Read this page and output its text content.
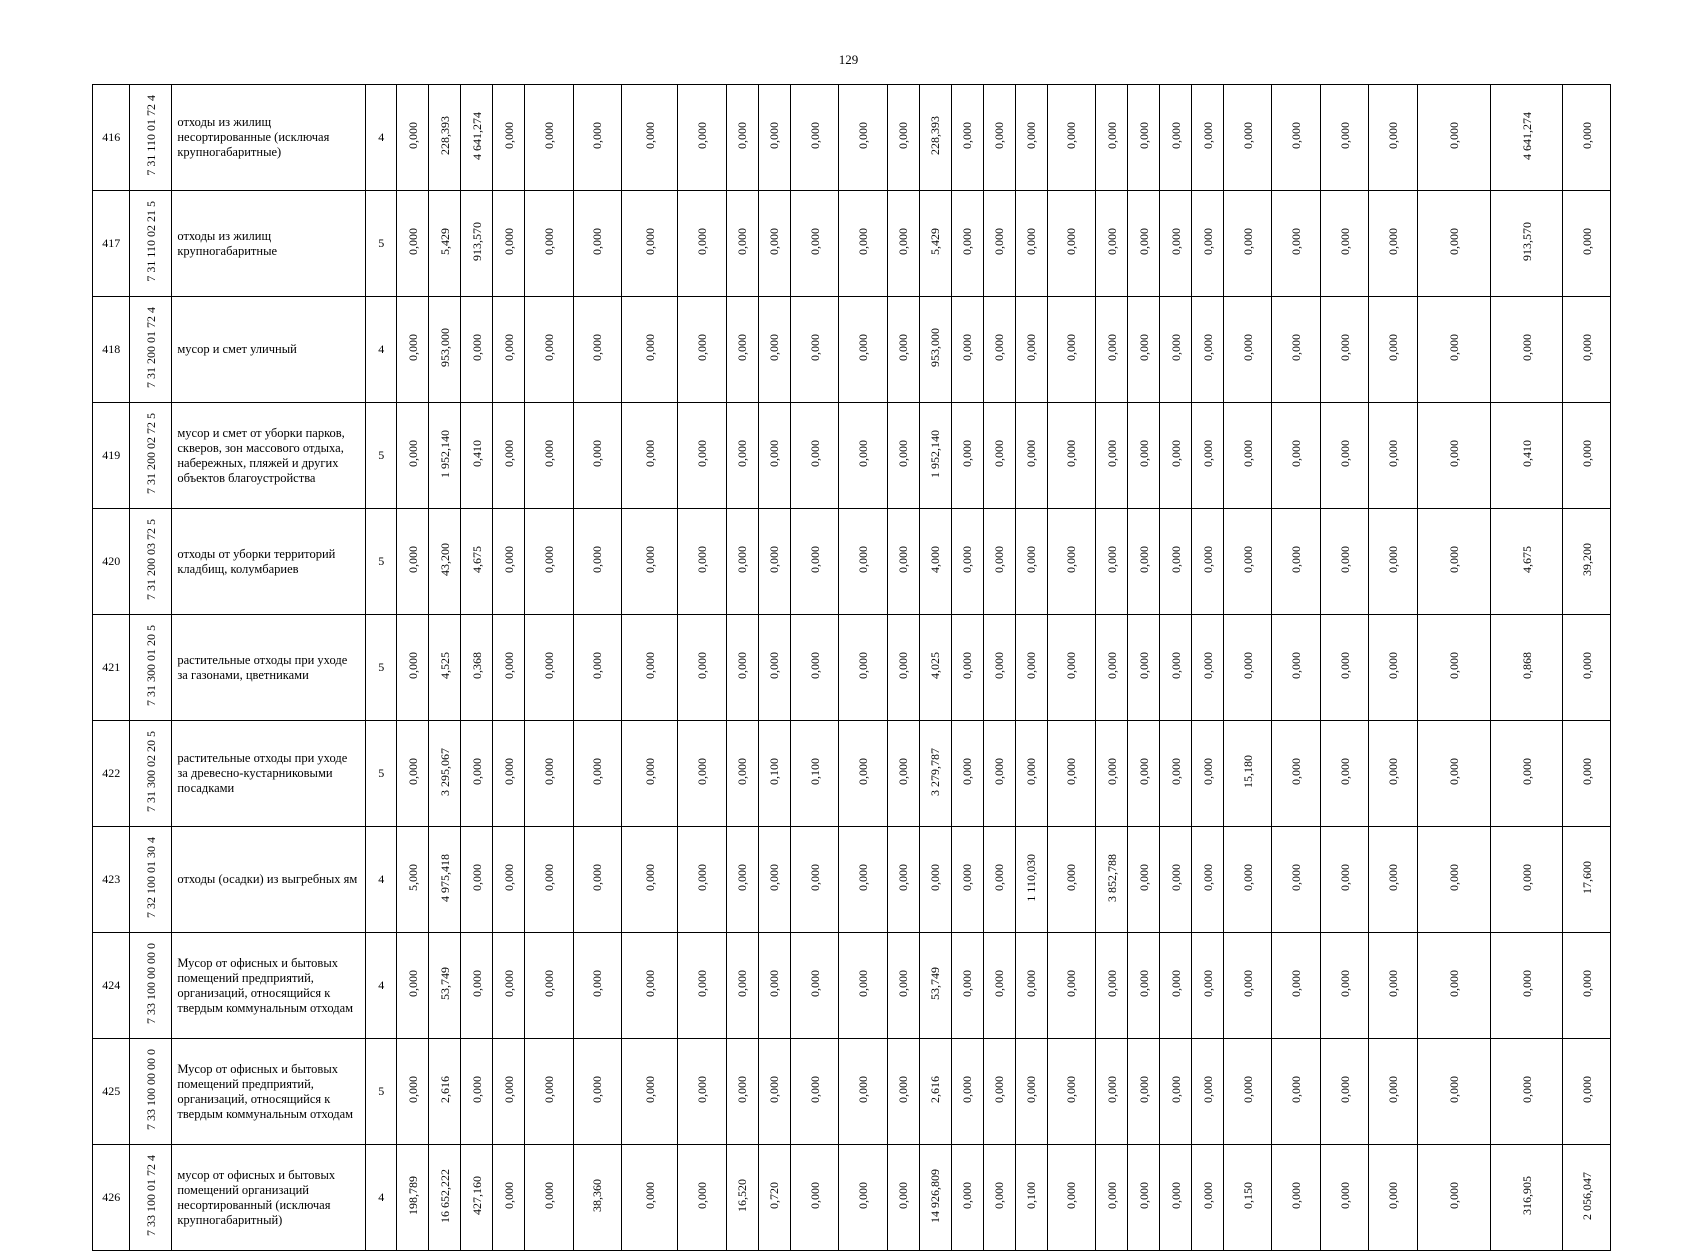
129
416	7 31 110 01 72 4	отходы из жилищ несортированные (исключая крупногабаритные)	4	0,000	228,393	4 641,274	0,000	0,000	0,000	0,000	0,000	0,000	0,000	0,000	0,000	0,000	228,393	0,000	0,000	0,000	0,000	0,000	0,000	0,000	0,000	0,000	0,000	0,000	0,000	0,000	4 641,274	0,000
417	7 31 110 02 21 5	отходы из жилищ крупногабаритные	5	0,000	5,429	913,570	0,000	0,000	0,000	0,000	0,000	0,000	0,000	0,000	0,000	0,000	5,429	0,000	0,000	0,000	0,000	0,000	0,000	0,000	0,000	0,000	0,000	0,000	0,000	0,000	913,570	0,000
418	7 31 200 01 72 4	мусор и смет уличный	4	0,000	953,000	0,000	0,000	0,000	0,000	0,000	0,000	0,000	0,000	0,000	0,000	0,000	953,000	0,000	0,000	0,000	0,000	0,000	0,000	0,000	0,000	0,000	0,000	0,000	0,000	0,000	0,000	0,000
419	7 31 200 02 72 5	мусор и смет от уборки парков, скверов, зон массового отдыха, набережных, пляжей и других объектов благоустройства	5	0,000	1 952,140	0,410	0,000	0,000	0,000	0,000	0,000	0,000	0,000	0,000	0,000	0,000	1 952,140	0,000	0,000	0,000	0,000	0,000	0,000	0,000	0,000	0,000	0,000	0,000	0,000	0,000	0,410	0,000
420	7 31 200 03 72 5	отходы от уборки территорий кладбищ, колумбариев	5	0,000	43,200	4,675	0,000	0,000	0,000	0,000	0,000	0,000	0,000	0,000	0,000	0,000	4,000	0,000	0,000	0,000	0,000	0,000	0,000	0,000	0,000	0,000	0,000	0,000	0,000	0,000	4,675	39,200
421	7 31 300 01 20 5	растительные отходы при уходе за газонами, цветниками	5	0,000	4,525	0,368	0,000	0,000	0,000	0,000	0,000	0,000	0,000	0,000	0,000	0,000	4,025	0,000	0,000	0,000	0,000	0,000	0,000	0,000	0,000	0,000	0,000	0,000	0,000	0,000	0,868	0,000
422	7 31 300 02 20 5	растительные отходы при уходе за древесно-кустарниковыми посадками	5	0,000	3 295,067	0,000	0,000	0,000	0,000	0,000	0,000	0,000	0,100	0,100	0,000	0,000	3 279,787	0,000	0,000	0,000	0,000	0,000	0,000	0,000	0,000	15,180	0,000	0,000	0,000	0,000	0,000	0,000
423	7 32 100 01 30 4	отходы (осадки) из выгребных ям	4	5,000	4 975,418	0,000	0,000	0,000	0,000	0,000	0,000	0,000	0,000	0,000	0,000	0,000	0,000	0,000	0,000	1 110,030	0,000	3 852,788	0,000	0,000	0,000	0,000	0,000	0,000	0,000	0,000	0,000	17,600
424	7 33 100 00 00 0	Мусор от офисных и бытовых помещений предприятий, организаций, относящийся к твердым коммунальным отходам	4	0,000	53,749	0,000	0,000	0,000	0,000	0,000	0,000	0,000	0,000	0,000	0,000	0,000	53,749	0,000	0,000	0,000	0,000	0,000	0,000	0,000	0,000	0,000	0,000	0,000	0,000	0,000	0,000	0,000
425	7 33 100 00 00 0	Мусор от офисных и бытовых помещений предприятий, организаций, относящийся к твердым коммунальным отходам	5	0,000	2,616	0,000	0,000	0,000	0,000	0,000	0,000	0,000	0,000	0,000	0,000	0,000	2,616	0,000	0,000	0,000	0,000	0,000	0,000	0,000	0,000	0,000	0,000	0,000	0,000	0,000	0,000	0,000
426	7 33 100 01 72 4	мусор от офисных и бытовых помещений организаций несортированный (исключая крупногабаритный)	4	198,789	16 652,222	427,160	0,000	0,000	38,360	0,000	0,000	16,520	0,720	0,000	0,000	0,000	14 926,809	0,000	0,000	0,100	0,000	0,000	0,000	0,000	0,000	0,150	0,000	0,000	0,000	0,000	316,905	2 056,047
